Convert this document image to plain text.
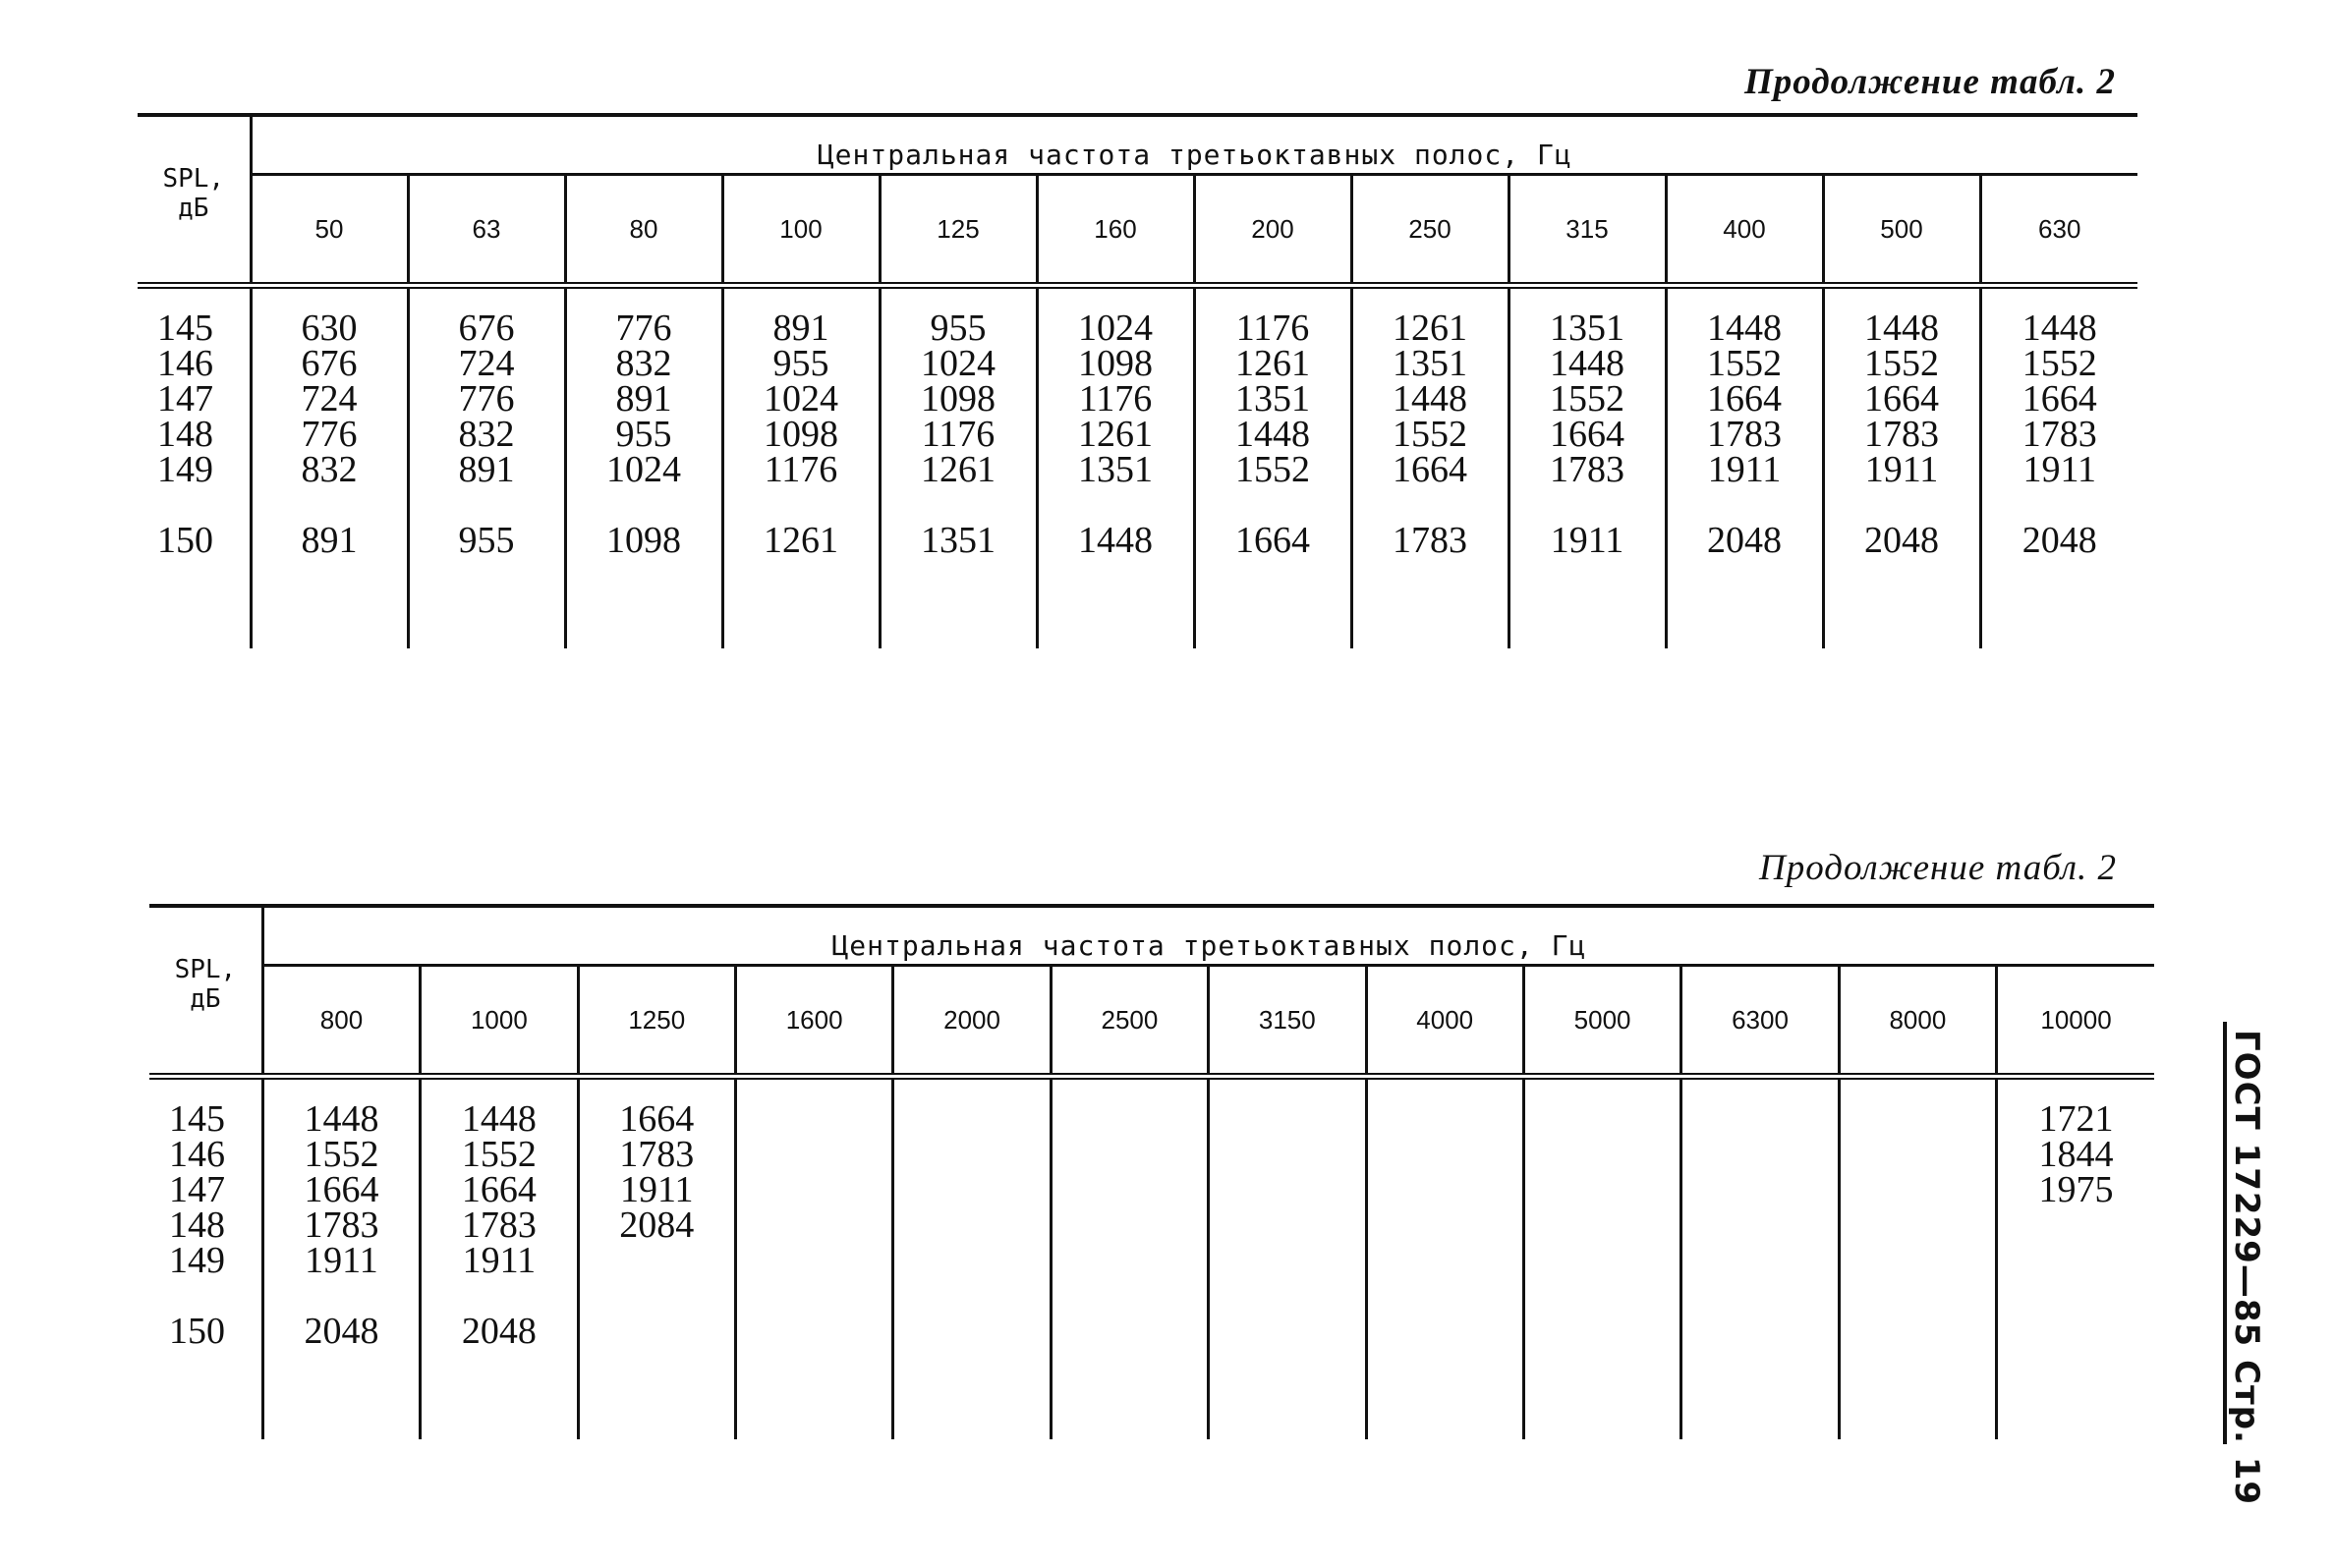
Продолжение табл. 2
SPL,
дБ	Центральная частота третьоктавных полос, Гц											
	50	63	80	100	125	160	200	250	315	400	500	630
145	630	676	776	891	955	1024	1176	1261	1351	1448	1448	1448
146	676	724	832	955	1024	1098	1261	1351	1448	1552	1552	1552
147	724	776	891	1024	1098	1176	1351	1448	1552	1664	1664	1664
148	776	832	955	1098	1176	1261	1448	1552	1664	1783	1783	1783
149	832	891	1024	1176	1261	1351	1552	1664	1783	1911	1911	1911
150	891	955	1098	1261	1351	1448	1664	1783	1911	2048	2048	2048

Продолжение табл. 2
SPL,
дБ	Центральная частота третьоктавных полос, Гц											
	800	1000	1250	1600	2000	2500	3150	4000	5000	6300	8000	10000
145	1448	1448	1664									1721
146	1552	1552	1783									1844
147	1664	1664	1911									1975
148	1783	1783	2084									
149	1911	1911										
150	2048	2048										
													ГОСТ 17229—85 Стр. 19
